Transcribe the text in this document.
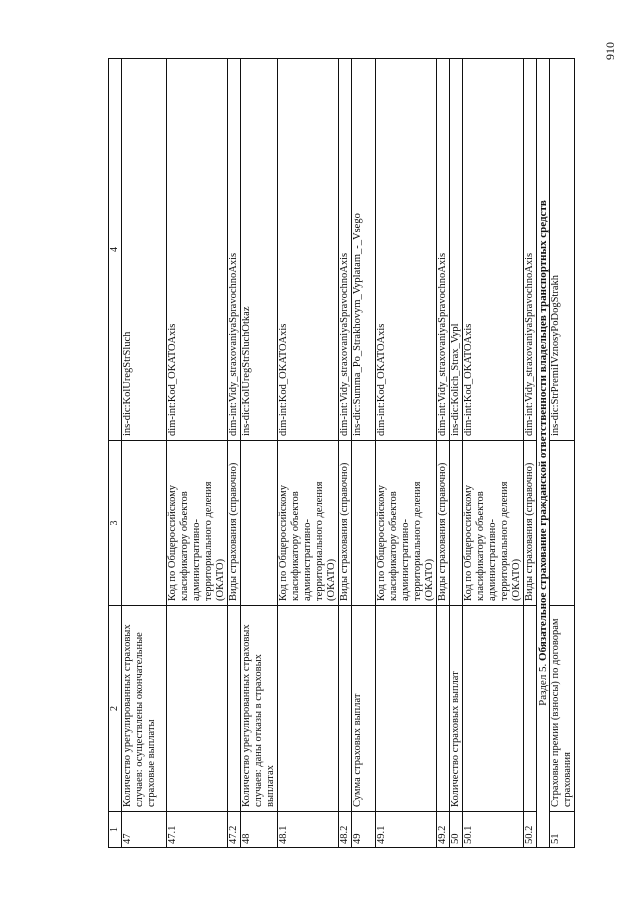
910
1	2	3	4
47	Количество урегулированных страховых случаев: осуществлены окончательные страховые выплаты		ins-dic:KolUregStrSluch
47.1		Код по Общероссийскому класификатору объектов административно-территориального деления (ОКАТО)	dim-int:Kod_OKATOAxis
47.2		Виды страхования (справочно)	dim-int:Vidy_straxovaniyaSpravochnoAxis
48	Количество урегулированных страховых случаев: даны отказы в страховых выплатах		ins-dic:KolUregStrSluchOtkaz
48.1		Код по Общероссийскому класификатору объектов административно-территориального деления (ОКАТО)	dim-int:Kod_OKATOAxis
48.2		Виды страхования (справочно)	dim-int:Vidy_straxovaniyaSpravochnoAxis
49	Сумма страховых выплат		ins-dic:Summa_Po_Strakhovym_Vyplatam_-_Vsego
49.1		Код по Общероссийскому класификатору объектов административно-территориального деления (ОКАТО)	dim-int:Kod_OKATOAxis
49.2		Виды страхования (справочно)	dim-int:Vidy_straxovaniyaSpravochnoAxis
50	Количество страховых выплат		ins-dic:Kolich_Strax_Vypl
50.1		Код по Общероссийскому класификатору объектов административно-территориального деления (ОКАТО)	dim-int:Kod_OKATOAxis
50.2		Виды страхования (справочно)	dim-int:Vidy_straxovaniyaSpravochnoAxis
Раздел 5. Обязательное страхование гражданской ответственности владельцев транспортных средств			
51	Страховые премии (взносы) по договорам страхования		ins-dic:StrPremiIVznosyPoDogStrakh
